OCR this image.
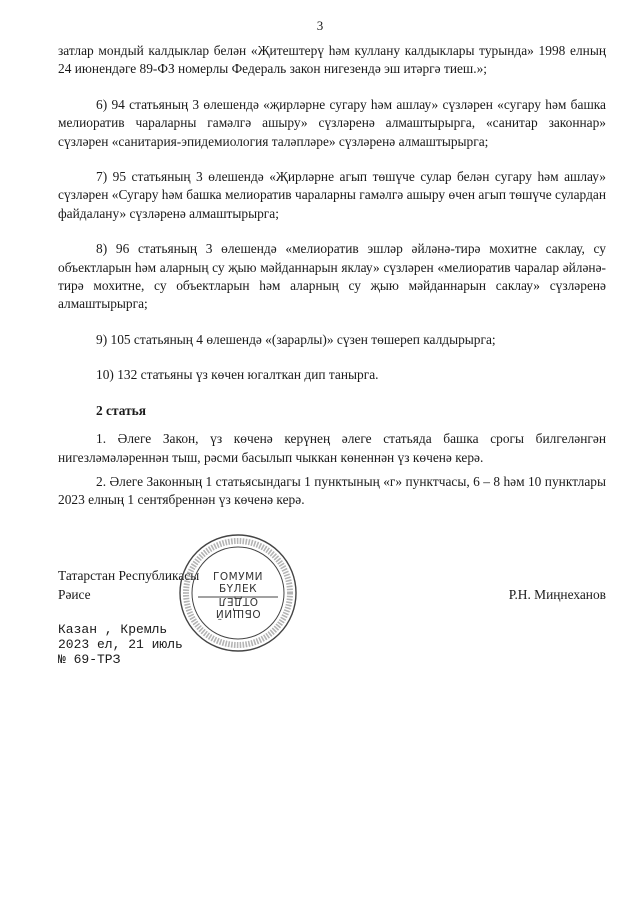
3

затлар мондый калдыклар белән «Җитештерү һәм куллану калдыклары турында» 1998 елның 24 июнендәге 89-ФЗ номерлы Федераль закон нигезендә эш итәргә тиеш.»;

6) 94 статьяның 3 өлешендә «җирләрне сугару һәм ашлау» сүзләрен «сугару һәм башка мелиоратив чараларны гамәлгә ашыру» сүзләренә алмаштырырга, «санитар законнар» сүзләрен «санитария-эпидемиология таләпләре» сүзләренә алмаштырырга;

7) 95 статьяның 3 өлешендә «Җирләрне агып төшүче сулар белән сугару һәм ашлау» сүзләрен «Сугару һәм башка мелиоратив чараларны гамәлгә ашыру өчен агып төшүче сулардан файдалану» сүзләренә алмаштырырга;

8) 96 статьяның 3 өлешендә «мелиоратив эшләр әйләнә-тирә мохитне саклау, су объектларын һәм аларның су җыю мәйданнарын яклау» сүзләрен «мелиоратив чаралар әйләнә-тирә мохитне, су объектларын һәм аларның су җыю мәйданнарын саклау» сүзләренә алмаштырырга;

9) 105 статьяның 4 өлешендә «(зарарлы)» сүзен төшереп калдырырга;

10) 132 статьяны үз көчен югалткан дип танырга.

2 статья

1. Әлеге Закон, үз көченә керүнең әлеге статьяда башка срогы билгеләнгән нигезләмәләреннән тыш, рәсми басылып чыккан көненнән үз көченә керә.

2. Әлеге Законның 1 статьясындагы 1 пунктының «г» пунктчасы, 6 – 8 һәм 10 пунктлары 2023 елның 1 сентябреннән үз көченә керә.

Татарстан Республикасы
Рәисе	Р.Н. Миңнеханов
ГОМУМИ
БҮЛЕК
ОБЩИЙ
ОТДЕЛ
Казан , Кремль
2023 ел, 21 июль
№ 69-ТРЗ
